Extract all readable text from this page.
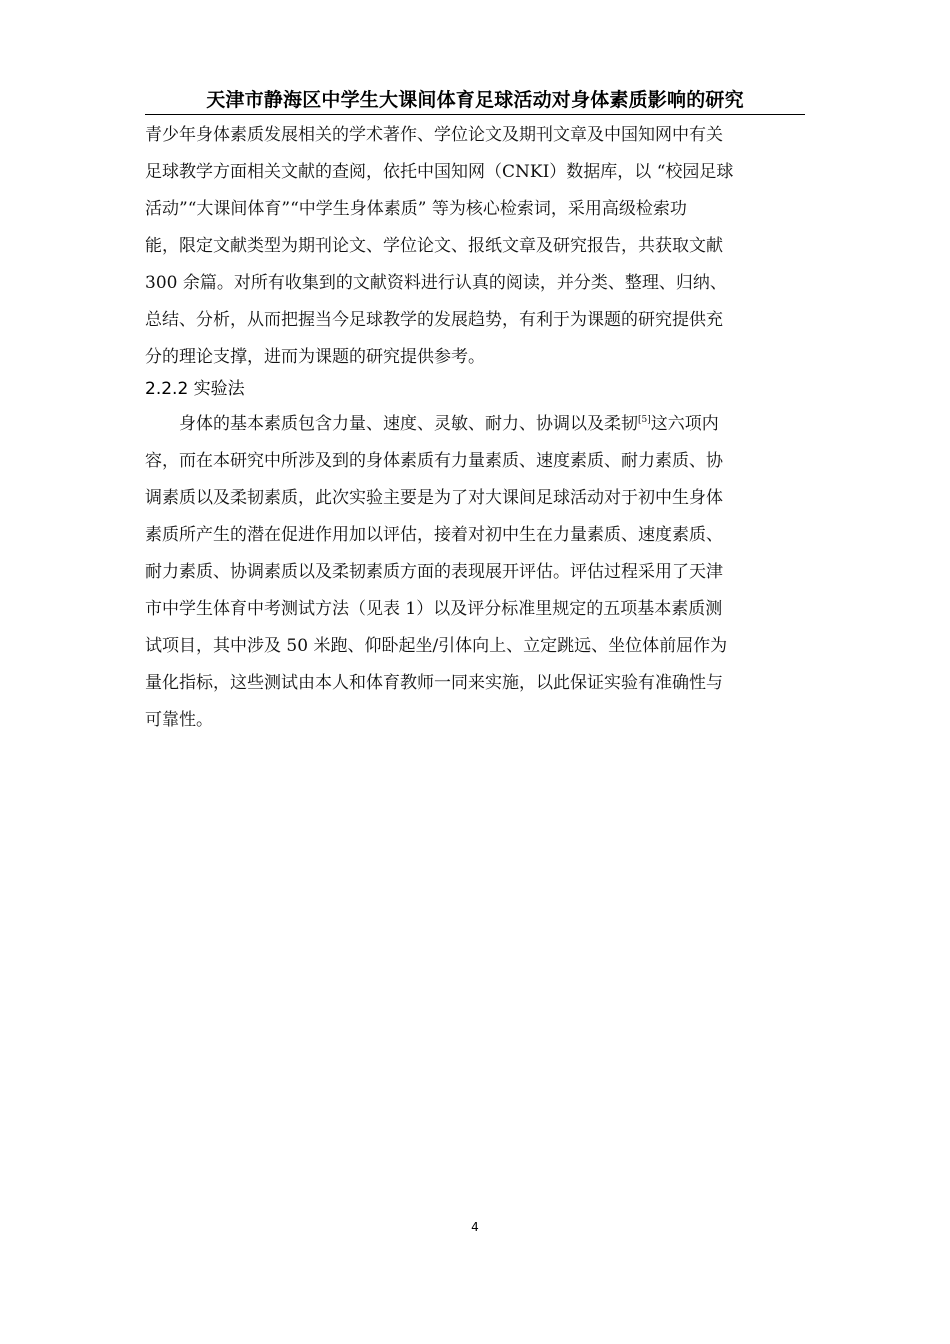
天津市静海区中学生大课间体育足球活动对身体素质影响的研究
青少年身体素质发展相关的学术著作、学位论文及期刊文章及中国知网中有关
足球教学方面相关文献的查阅，依托中国知网（CNKI）数据库，以 “校园足球
活动”“大课间体育”“中学生身体素质” 等为核心检索词，采用高级检索功
能，限定文献类型为期刊论文、学位论文、报纸文章及研究报告，共获取文献
300 余篇。对所有收集到的文献资料进行认真的阅读，并分类、整理、归纳、
总结、分析，从而把握当今足球教学的发展趋势，有利于为课题的研究提供充
分的理论支撑，进而为课题的研究提供参考。
2.2.2 实验法
　　身体的基本素质包含力量、速度、灵敏、耐力、协调以及柔韧[5]这六项内
容，而在本研究中所涉及到的身体素质有力量素质、速度素质、耐力素质、协
调素质以及柔韧素质，此次实验主要是为了对大课间足球活动对于初中生身体
素质所产生的潜在促进作用加以评估，接着对初中生在力量素质、速度素质、
耐力素质、协调素质以及柔韧素质方面的表现展开评估。评估过程采用了天津
市中学生体育中考测试方法（见表 1）以及评分标准里规定的五项基本素质测
试项目，其中涉及 50 米跑、仰卧起坐/引体向上、立定跳远、坐位体前屈作为
量化指标，这些测试由本人和体育教师一同来实施，以此保证实验有准确性与
可靠性。
4
